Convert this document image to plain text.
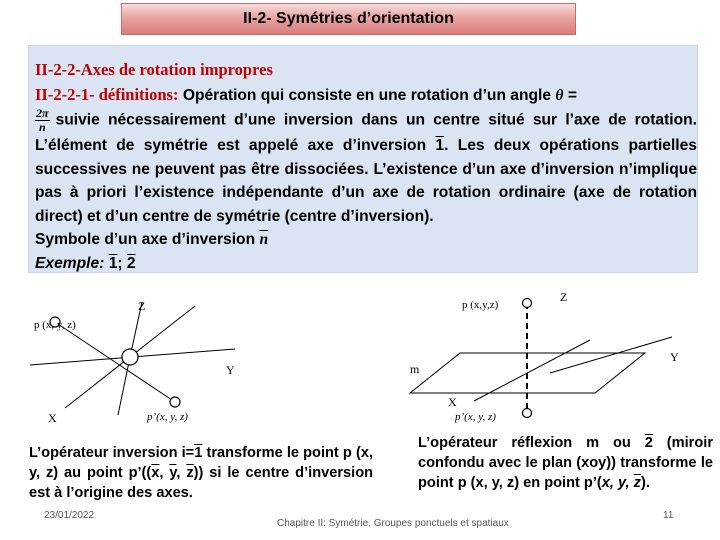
II-2- Symétries d’orientation
II-2-2-Axes de rotation impropres
II-2-2-1- définitions: Opération qui consiste en une rotation d’un angle θ =

$\frac{2\pi}{n}$ suivie nécessairement d’une inversion dans un centre situé sur l’axe de rotation. L’élément de symétrie est appelé axe d’inversion 1. Les deux opérations partielles successives ne peuvent pas être dissociées. L’existence d’un axe d’inversion n’implique pas à priori l’existence indépendante d’un axe de rotation ordinaire (axe de rotation direct) et d’un centre de symétrie (centre d’inversion).
Symbole d’un axe d’inversion $\overline{n}$
Exemple: 1; 2
Z
Y
X
p (x, y, z)
p’(x, y, z)
Z
Y
X
m
p (x,y,z)
p’(x, y, z)
L’opérateur inversion i=1 transforme le point p (x, y, z) au point $p’((\overline{x}$, $\overline{y}$, $\overline{z}$)) si le centre d’inversion est à l’origine des axes.
L’opérateur réflexion m ou 2 (miroir confondu avec le plan (xoy)) transforme le point p (x, y, z) en point p’(x, y, $\overline{z}$).
23/01/2022
Chapitre II: Symétrie, Groupes ponctuels et spatiaux
11
